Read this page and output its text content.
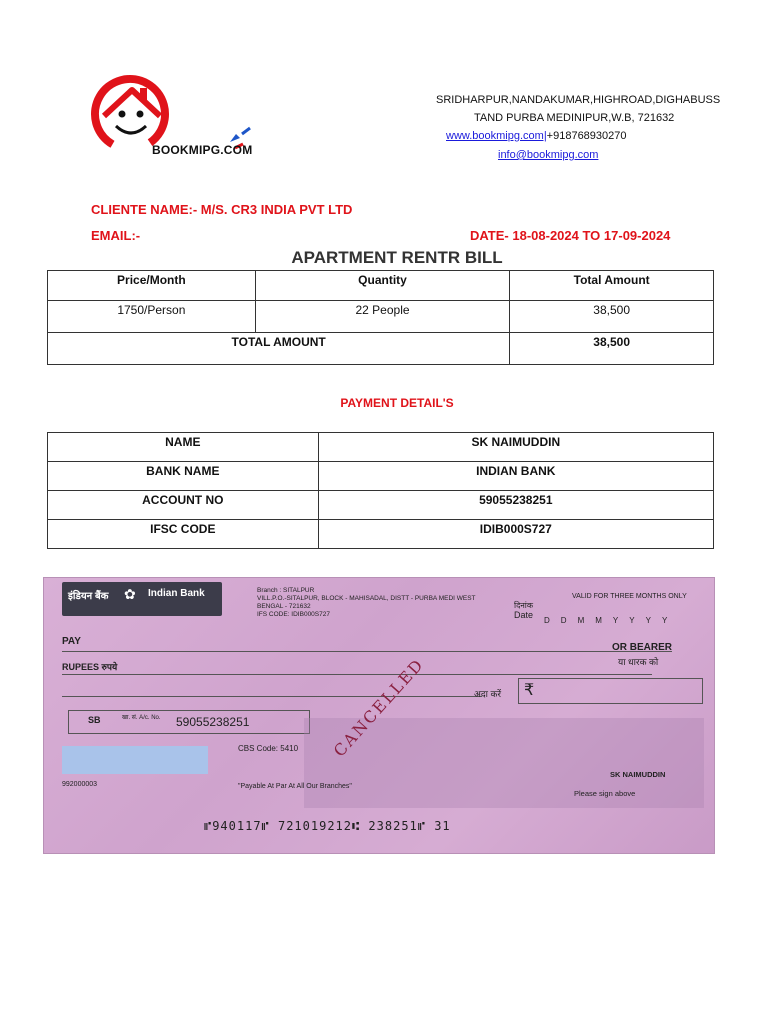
BOOKMIPG.COM
SRIDHARPUR,NANDAKUMAR,HIGHROAD,DIGHABUSS
TAND PURBA MEDINIPUR,W.B, 721632
www.bookmipg.com|+918768930270
info@bookmipg.com
CLIENTE NAME:- M/S. CR3 INDIA PVT LTD
EMAIL:-	DATE- 18-08-2024 TO 17-09-2024
APARTMENT RENTR BILL
Price/Month	Quantity	Total Amount
1750/Person	22 People	38,500
TOTAL AMOUNT		38,500
PAYMENT DETAIL'S
NAME	SK NAIMUDDIN
BANK NAME	INDIAN BANK
ACCOUNT NO	59055238251
IFSC CODE	IDIB000S727
इंडियन बैंक ✿ Indian Bank	Branch : SITALPUR
VILL.P.O.-SITALPUR, BLOCK - MAHISADAL, DISTT - PURBA MEDI WEST
BENGAL - 721632
IFS CODE: IDIB000S727
VALID FOR THREE MONTHS ONLY
दिनांक
Date
DDMMYYYY
PAY
OR BEARER
या धारक को
RUPEES रुपये
अदा करें ₹
SB	खा. सं. A/c. No. 59055238251	CANCELLED
CBS Code: 5410
992000003	"Payable At Par At All Our Branches"
SK NAIMUDDIN
Please sign above
⑈940117⑈ 721019212⑆ 238251⑈ 31
